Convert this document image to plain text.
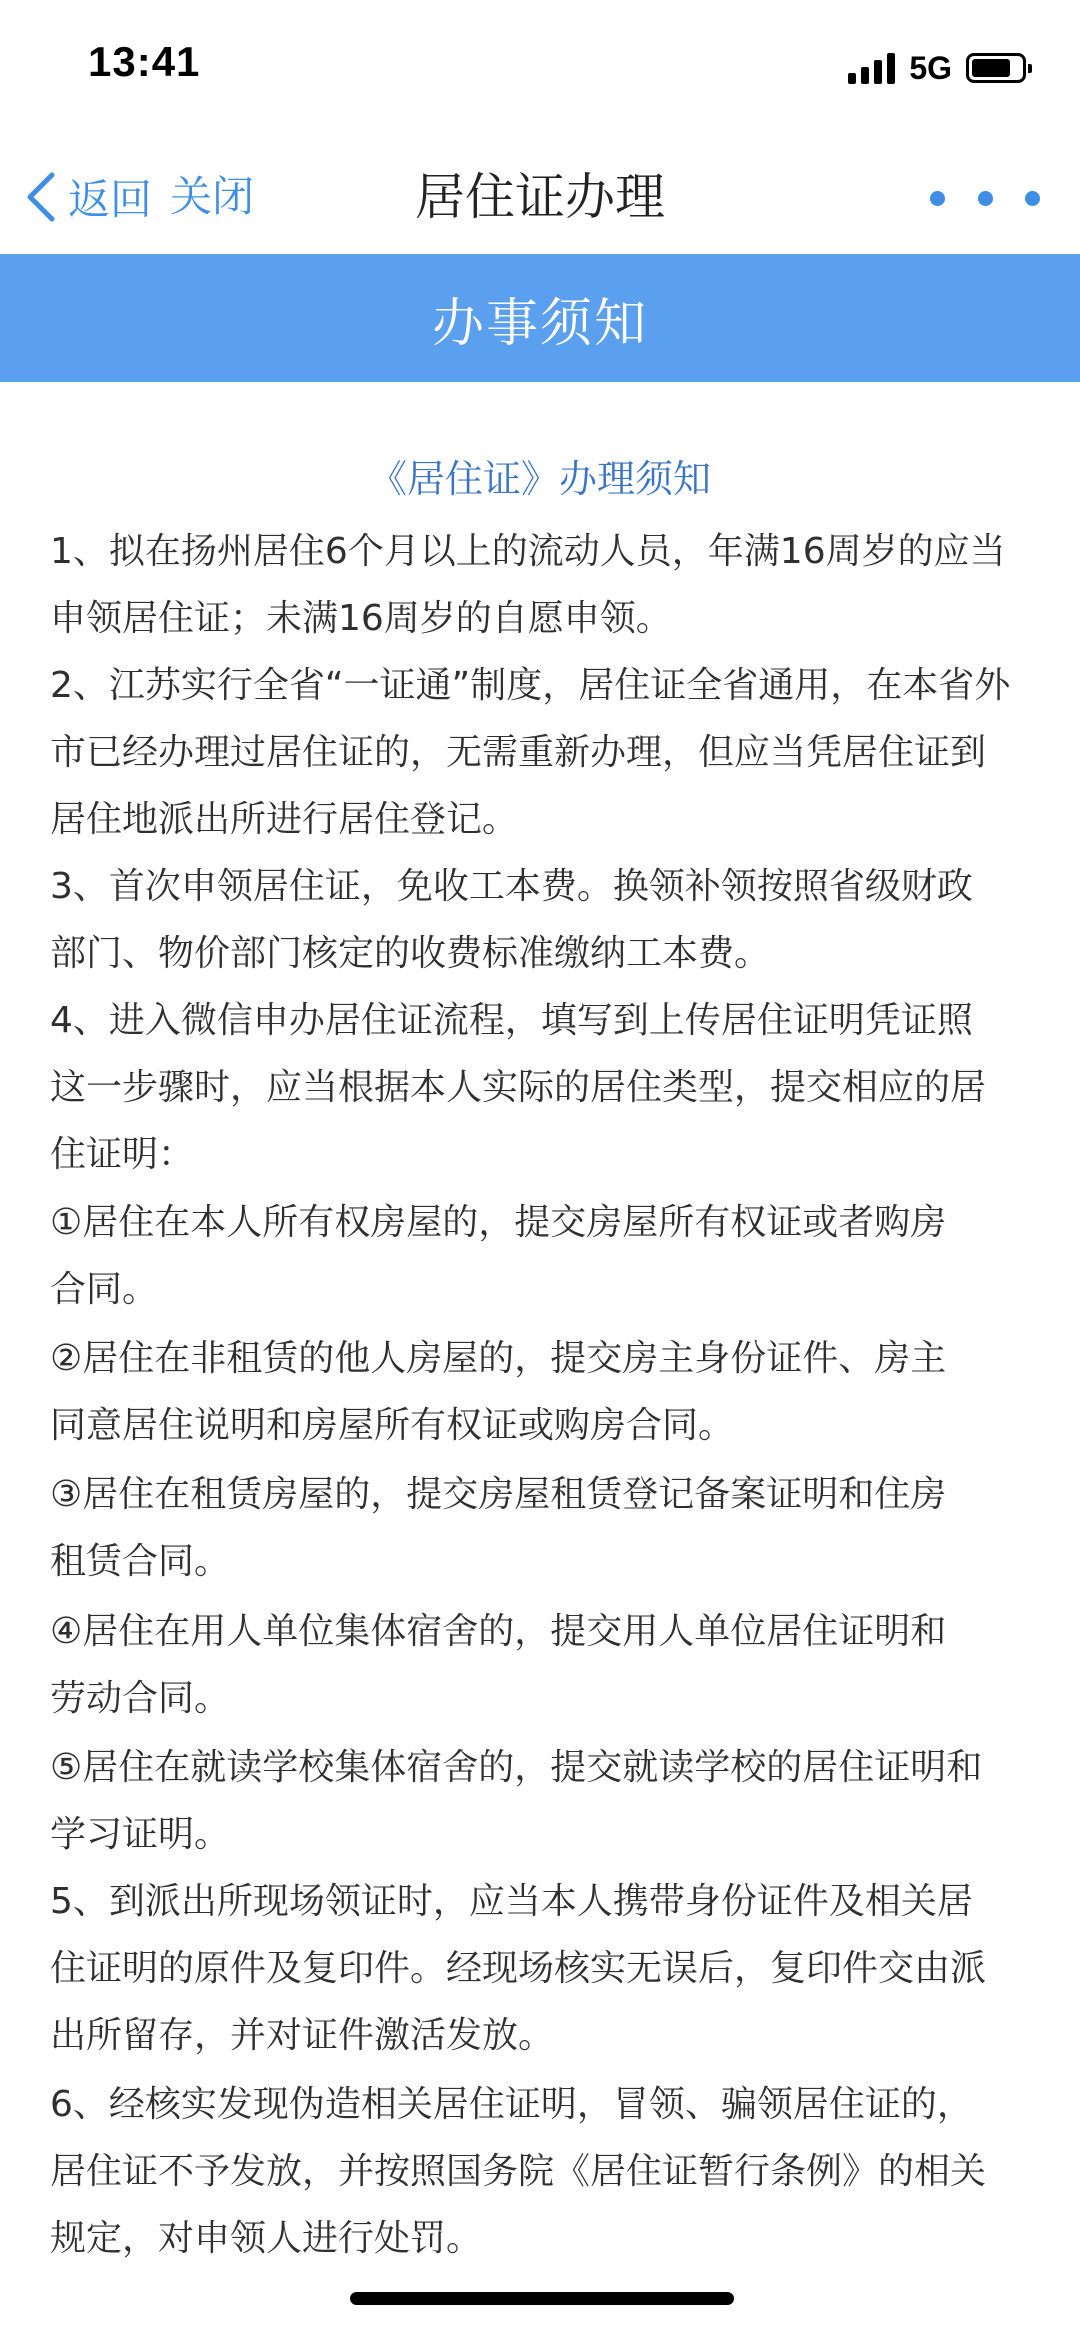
13:41	5G
返回 关闭	居住证办理
办事须知
《居住证》办理须知
1、拟在扬州居住6个月以上的流动人员，年满16周岁的应当
申领居住证；未满16周岁的自愿申领。
2、江苏实行全省“一证通”制度，居住证全省通用，在本省外
市已经办理过居住证的，无需重新办理，但应当凭居住证到
居住地派出所进行居住登记。
3、首次申领居住证，免收工本费。换领补领按照省级财政
部门、物价部门核定的收费标准缴纳工本费。
4、进入微信申办居住证流程，填写到上传居住证明凭证照
这一步骤时，应当根据本人实际的居住类型，提交相应的居
住证明：
①居住在本人所有权房屋的，提交房屋所有权证或者购房
合同。
②居住在非租赁的他人房屋的，提交房主身份证件、房主
同意居住说明和房屋所有权证或购房合同。
③居住在租赁房屋的，提交房屋租赁登记备案证明和住房
租赁合同。
④居住在用人单位集体宿舍的，提交用人单位居住证明和
劳动合同。
⑤居住在就读学校集体宿舍的，提交就读学校的居住证明和
学习证明。
5、到派出所现场领证时，应当本人携带身份证件及相关居
住证明的原件及复印件。经现场核实无误后，复印件交由派
出所留存，并对证件激活发放。
6、经核实发现伪造相关居住证明，冒领、骗领居住证的，
居住证不予发放，并按照国务院《居住证暂行条例》的相关
规定，对申领人进行处罚。
